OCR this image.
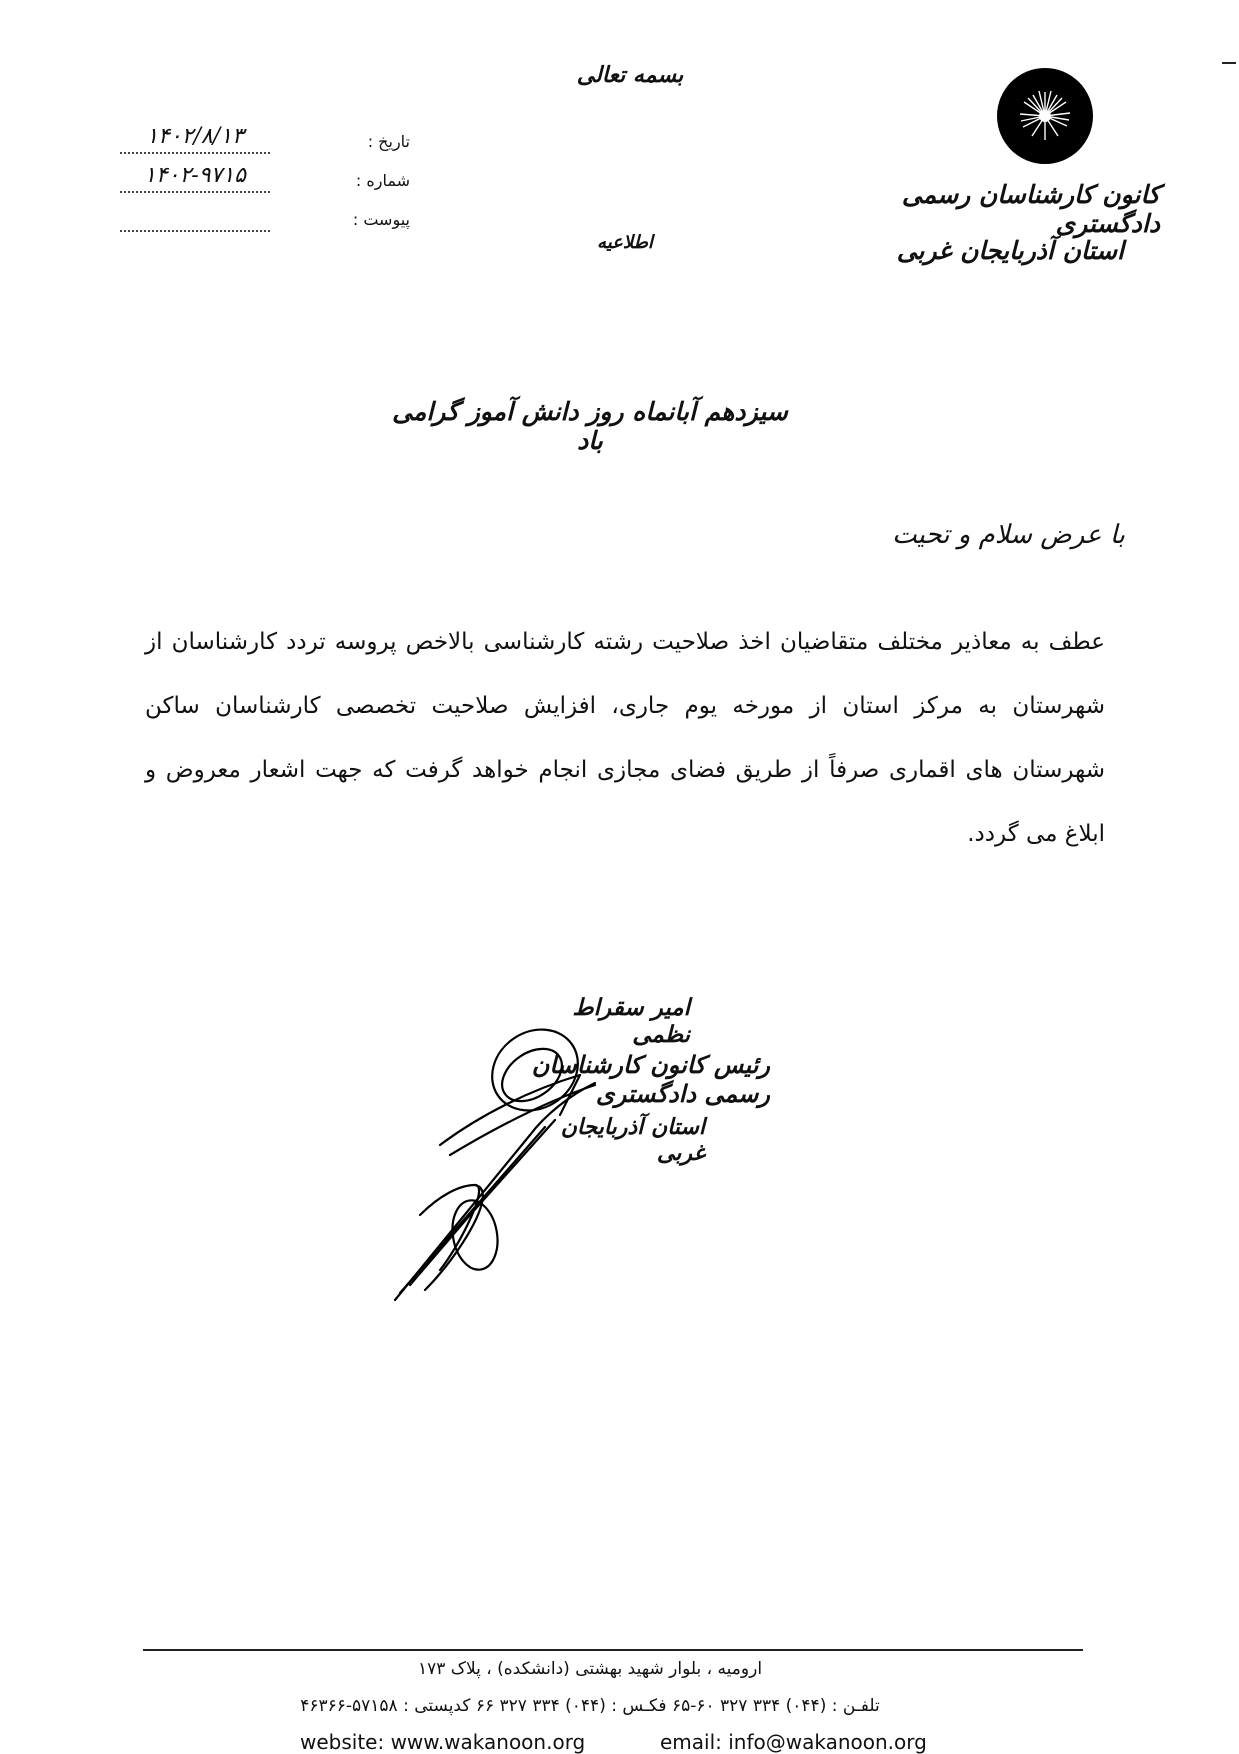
بسمه تعالی
کانون کارشناسان رسمی دادگستری
استان آذربایجان غربی
اطلاعیه
تاریخ :
۱۴۰۲/۸/۱۳
شماره :
۱۴۰۲-۹۷۱۵
پیوست :
سیزدهم آبانماه روز دانش آموز گرامی باد
با عرض سلام و تحیت
عطف به معاذیر مختلف متقاضیان اخذ صلاحیت رشته کارشناسی بالاخص پروسه تردد کارشناسان از شهرستان به مرکز استان از مورخه یوم جاری، افزایش صلاحیت تخصصی کارشناسان ساکن شهرستان های اقماری صرفاً از طریق فضای مجازی انجام خواهد گرفت که جهت اشعار معروض و ابلاغ می گردد.
امیر سقراط نظمی
رئیس کانون کارشناسان رسمی دادگستری
استان آذربایجان غربی
ارومیه ، بلوار شهید بهشتی (دانشکده) ، پلاک ۱۷۳
تلفـن : (۰۴۴) ۳۳۴ ۳۲۷ ۶۰-۶۵ فکـس : (۰۴۴) ۳۳۴ ۳۲۷ ۶۶ کدپستی : ۵۷۱۵۸-۴۶۳۶۶
website: www.wakanoon.org	email: info@wakanoon.org
